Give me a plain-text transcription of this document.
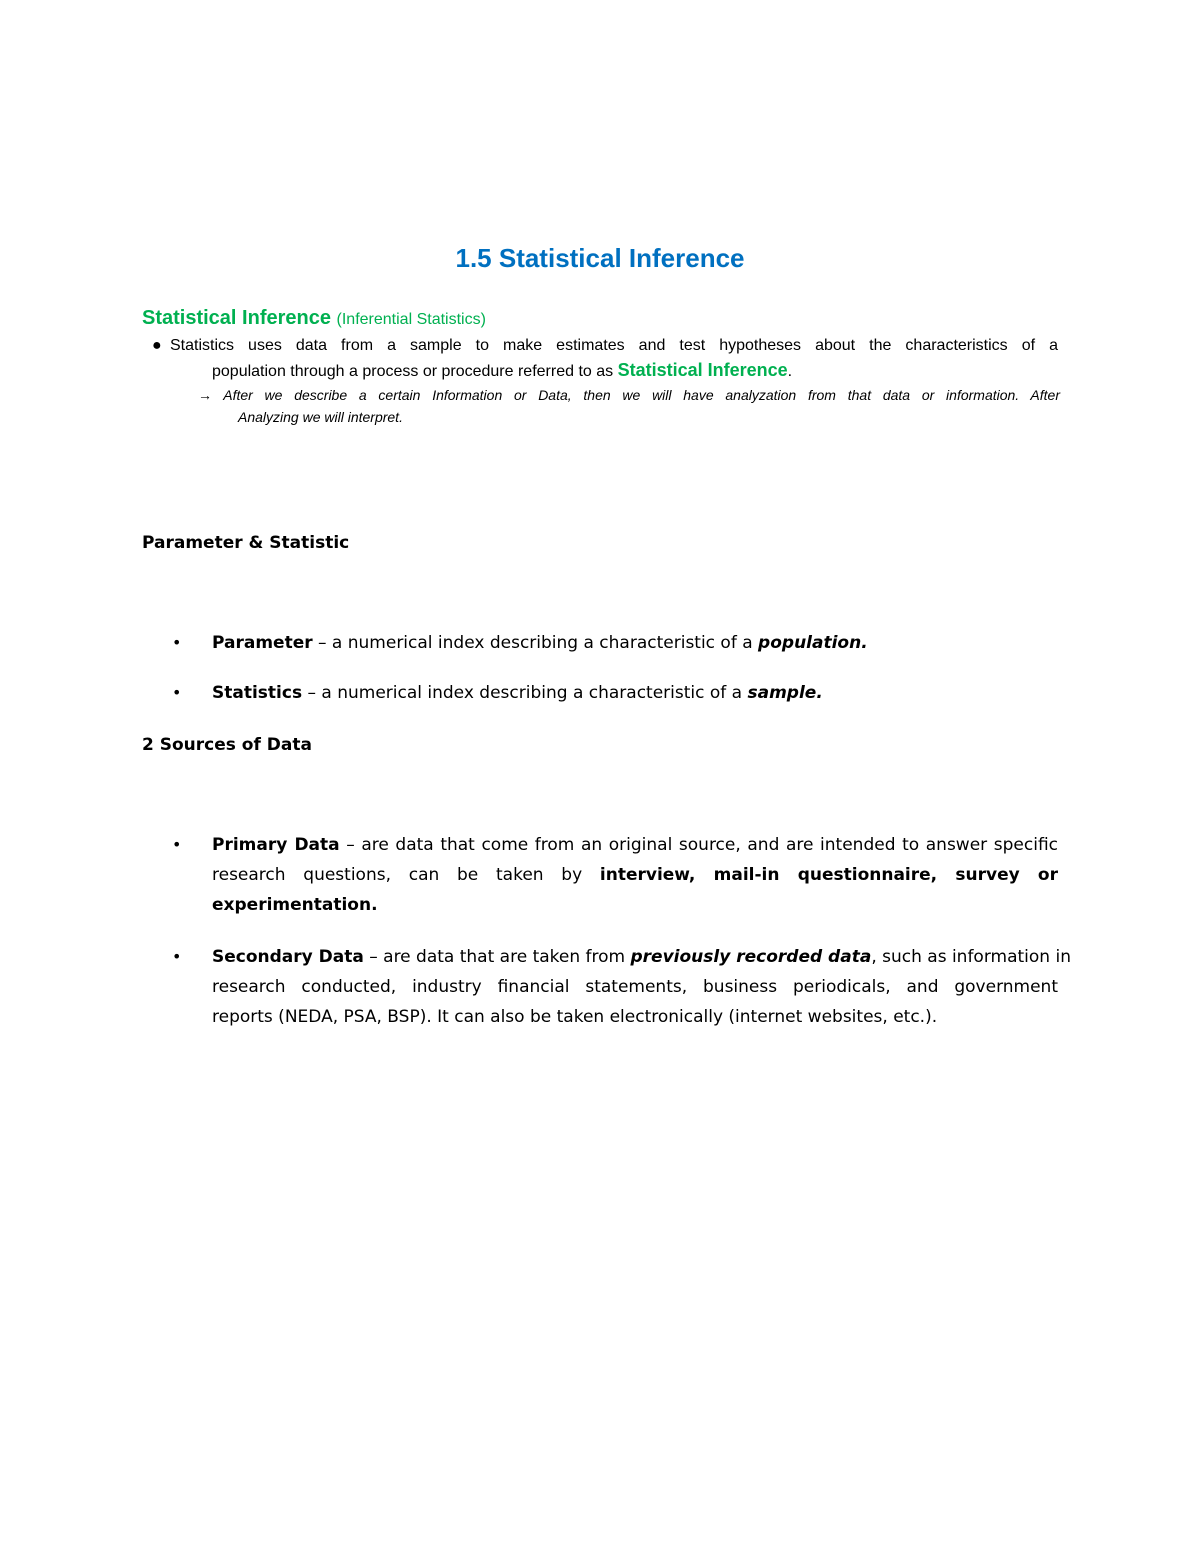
1.5 Statistical Inference
Statistical Inference (Inferential Statistics)
● Statistics uses data from a sample to make estimates and test hypotheses about the characteristics of a
population through a process or procedure referred to as Statistical Inference.
→ After we describe a certain Information or Data, then we will have analyzation from that data or information. After
Analyzing we will interpret.
Parameter & Statistic
• Parameter – a numerical index describing a characteristic of a population.
• Statistics – a numerical index describing a characteristic of a sample.
2 Sources of Data
• Primary Data – are data that come from an original source, and are intended to answer specific
research questions, can be taken by interview, mail-in questionnaire, survey or
experimentation.
• Secondary Data – are data that are taken from previously recorded data, such as information in
research conducted, industry financial statements, business periodicals, and government
reports (NEDA, PSA, BSP). It can also be taken electronically (internet websites, etc.).
